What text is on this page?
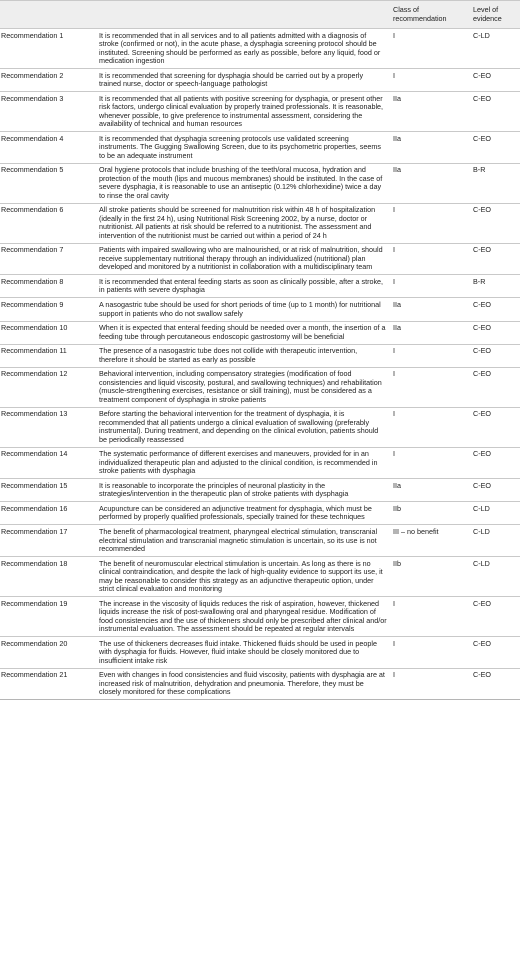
		Class of recommendation	Level of evidence
Recommendation 1	It is recommended that in all services and to all patients admitted with a diagnosis of stroke (confirmed or not), in the acute phase, a dysphagia screening protocol should be instituted. Screening should be performed as early as possible, before any liquid, food or medication ingestion	I	C-LD
Recommendation 2	It is recommended that screening for dysphagia should be carried out by a properly trained nurse, doctor or speech-language pathologist	I	C-EO
Recommendation 3	It is recommended that all patients with positive screening for dysphagia, or present other risk factors, undergo clinical evaluation by properly trained professionals. It is reasonable, whenever possible, to give preference to instrumental assessment, considering the availability of technical and human resources	IIa	C-EO
Recommendation 4	It is recommended that dysphagia screening protocols use validated screening instruments. The Gugging Swallowing Screen, due to its psychometric properties, seems to be an adequate instrument	IIa	C-EO
Recommendation 5	Oral hygiene protocols that include brushing of the teeth/oral mucosa, hydration and protection of the mouth (lips and mucous membranes) should be instituted. In the case of severe dysphagia, it is reasonable to use an antiseptic (0.12% chlorhexidine) twice a day to rinse the oral cavity	IIa	B-R
Recommendation 6	All stroke patients should be screened for malnutrition risk within 48 h of hospitalization (ideally in the first 24 h), using Nutritional Risk Screening 2002, by a nurse, doctor or nutritionist. All patients at risk should be referred to a nutritionist. The assessment and intervention of the nutritionist must be carried out within a period of 24 h	I	C-EO
Recommendation 7	Patients with impaired swallowing who are malnourished, or at risk of malnutrition, should receive supplementary nutritional therapy through an individualized (nutritional) plan developed and monitored by a nutritionist in collaboration with a multidisciplinary team	I	C-EO
Recommendation 8	It is recommended that enteral feeding starts as soon as clinically possible, after a stroke, in patients with severe dysphagia	I	B-R
Recommendation 9	A nasogastric tube should be used for short periods of time (up to 1 month) for nutritional support in patients who do not swallow safely	IIa	C-EO
Recommendation 10	When it is expected that enteral feeding should be needed over a month, the insertion of a feeding tube through percutaneous endoscopic gastrostomy will be beneficial	IIa	C-EO
Recommendation 11	The presence of a nasogastric tube does not collide with therapeutic intervention, therefore it should be started as early as possible	I	C-EO
Recommendation 12	Behavioral intervention, including compensatory strategies (modification of food consistencies and liquid viscosity, postural, and swallowing techniques) and rehabilitation (muscle-strengthening exercises, resistance or skill training), must be considered as a treatment component of dysphagia in stroke patients	I	C-EO
Recommendation 13	Before starting the behavioral intervention for the treatment of dysphagia, it is recommended that all patients undergo a clinical evaluation of swallowing (preferably instrumental). During treatment, and depending on the clinical evolution, patients should be periodically reassessed	I	C-EO
Recommendation 14	The systematic performance of different exercises and maneuvers, provided for in an individualized therapeutic plan and adjusted to the clinical condition, is recommended in stroke patients with dysphagia	I	C-EO
Recommendation 15	It is reasonable to incorporate the principles of neuronal plasticity in the strategies/intervention in the therapeutic plan of stroke patients with dysphagia	IIa	C-EO
Recommendation 16	Acupuncture can be considered an adjunctive treatment for dysphagia, which must be performed by properly qualified professionals, specially trained for these techniques	IIb	C-LD
Recommendation 17	The benefit of pharmacological treatment, pharyngeal electrical stimulation, transcranial electrical stimulation and transcranial magnetic stimulation is uncertain, so its use is not recommended	III – no benefit	C-LD
Recommendation 18	The benefit of neuromuscular electrical stimulation is uncertain. As long as there is no clinical contraindication, and despite the lack of high-quality evidence to support its use, it may be reasonable to consider this strategy as an adjunctive therapeutic option, under strict clinical evaluation and monitoring	IIb	C-LD
Recommendation 19	The increase in the viscosity of liquids reduces the risk of aspiration, however, thickened liquids increase the risk of post-swallowing oral and pharyngeal residue. Modification of food consistencies and the use of thickeners should only be prescribed after clinical and/or instrumental evaluation. The assessment should be repeated at regular intervals	I	C-EO
Recommendation 20	The use of thickeners decreases fluid intake. Thickened fluids should be used in people with dysphagia for fluids. However, fluid intake should be closely monitored due to insufficient intake risk	I	C-EO
Recommendation 21	Even with changes in food consistencies and fluid viscosity, patients with dysphagia are at increased risk of malnutrition, dehydration and pneumonia. Therefore, they must be closely monitored for these complications	I	C-EO
